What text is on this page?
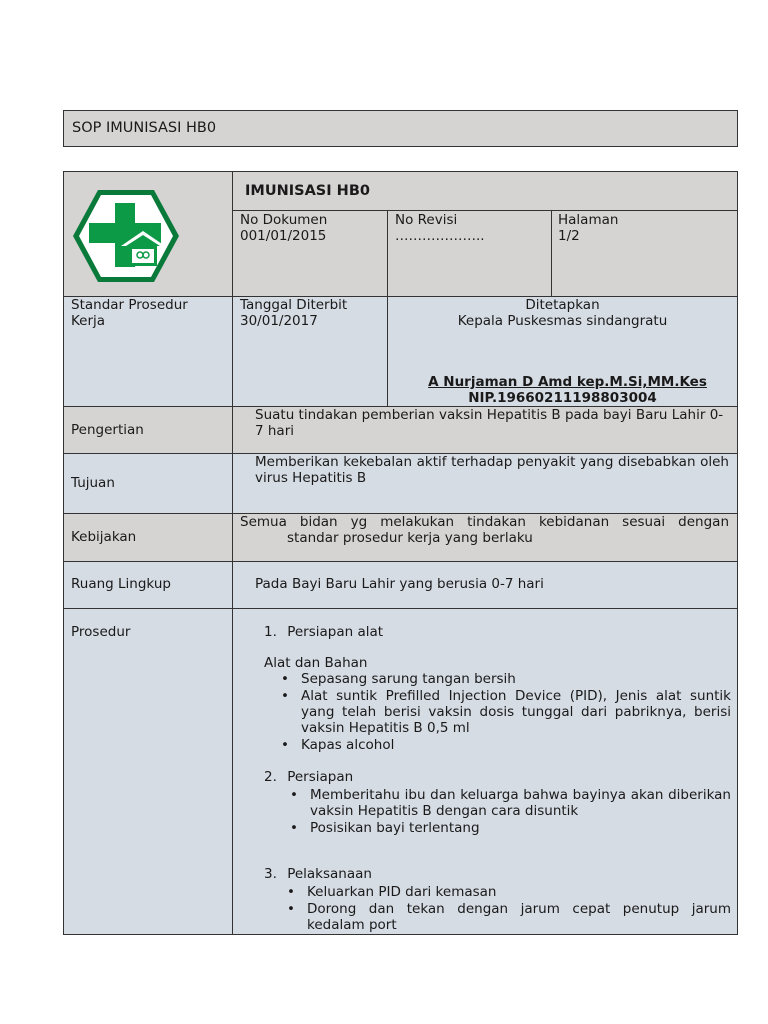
SOP IMUNISASI HB0
IMUNISASI HB0
No Dokumen
001/01/2015
No Revisi
………………..
Halaman
1/2
Standar Prosedur
Kerja
Tanggal Diterbit
30/01/2017
Ditetapkan
Kepala Puskesmas sindangratu
A Nurjaman D Amd kep.M.Si,MM.Kes
NIP.19660211198803004
Pengertian
Suatu tindakan pemberian vaksin Hepatitis B pada bayi Baru Lahir 0-7 hari
Tujuan
Memberikan kekebalan aktif terhadap penyakit yang disebabkan oleh virus Hepatitis B
Kebijakan
Semua bidan yg melakukan tindakan kebidanan sesuai dengan
standar prosedur kerja yang berlaku
Ruang Lingkup	Pada Bayi Baru Lahir yang berusia 0-7 hari
Prosedur	1. Persiapan alat
Alat dan Bahan
• Sepasang sarung tangan bersih
• Alat suntik Prefilled Injection Device (PID), Jenis alat suntik yang telah berisi vaksin dosis tunggal dari pabriknya, berisi vaksin Hepatitis B 0,5 ml
• Kapas alcohol
2. Persiapan
• Memberitahu ibu dan keluarga bahwa bayinya akan diberikan vaksin Hepatitis B dengan cara disuntik
• Posisikan bayi terlentang
3. Pelaksanaan
• Keluarkan PID dari kemasan
• Dorong dan tekan dengan jarum cepat penutup jarum kedalam port
